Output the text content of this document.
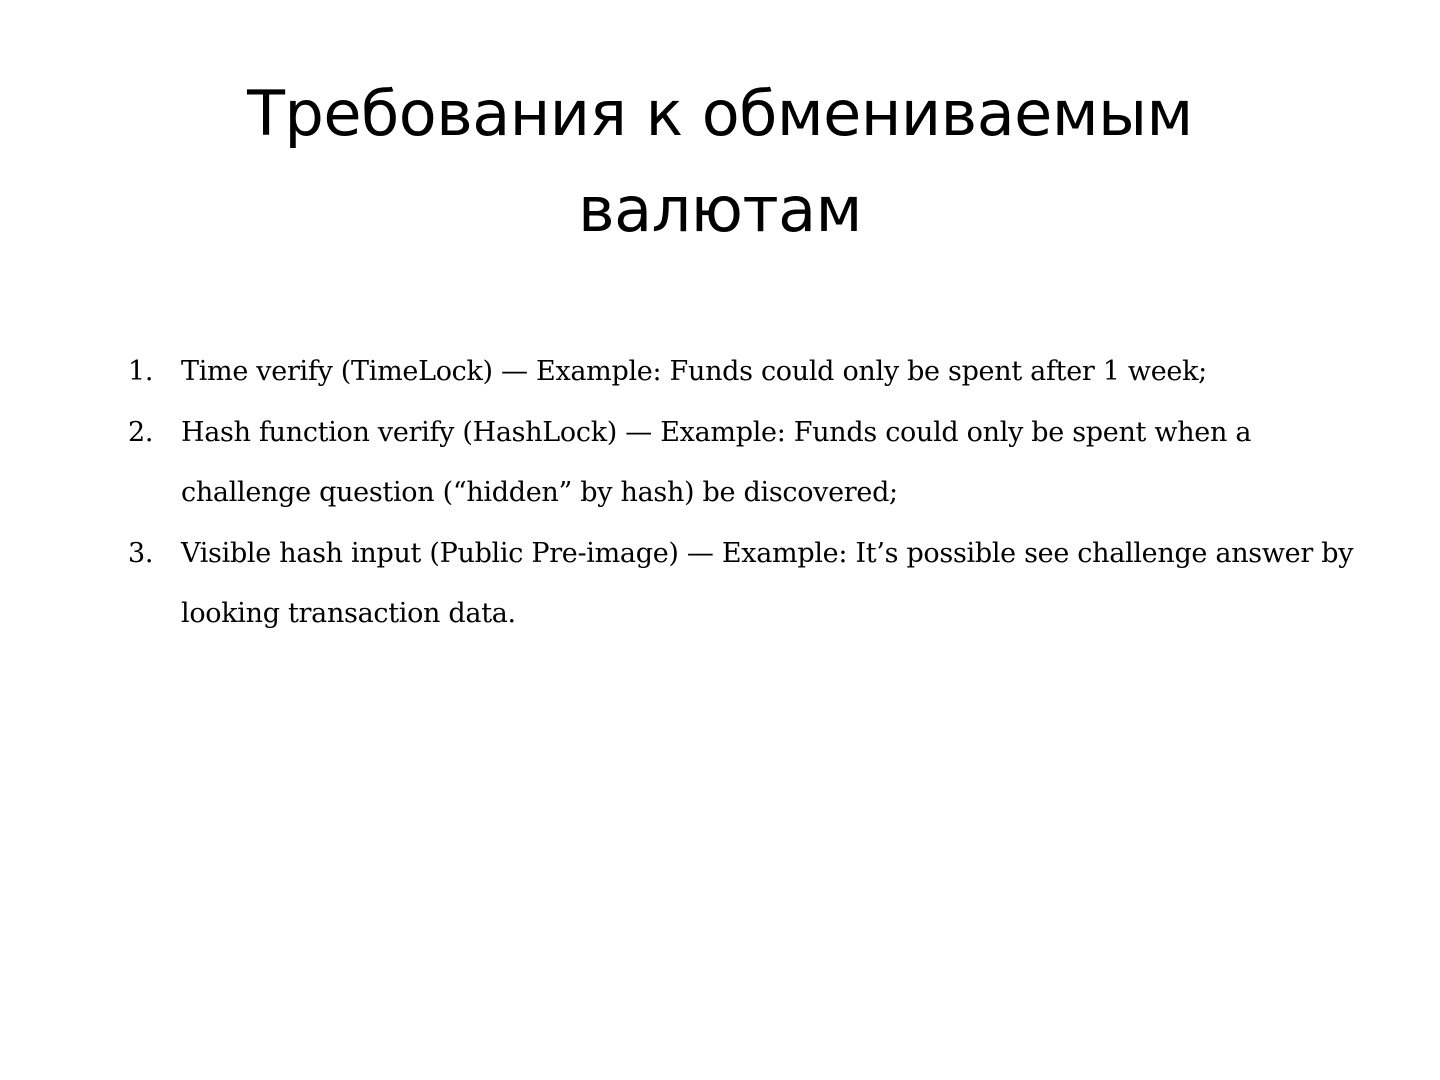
Требования к обмениваемым валютам
1. Time verify (TimeLock) — Example: Funds could only be spent after 1 week;
2. Hash function verify (HashLock) — Example: Funds could only be spent when a challenge question (“hidden” by hash) be discovered;
3. Visible hash input (Public Pre-image) — Example: It’s possible see challenge answer by looking transaction data.
